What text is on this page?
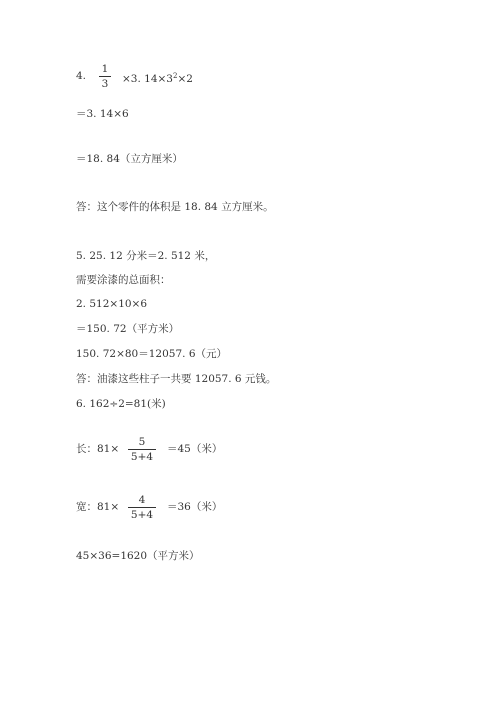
4.
1
3 ×3. $14\times 3^2\times 2$
＝3. 14×6
＝18. 84（立方厘米）
答：这个零件的体积是 18. 84 立方厘米。
5. 25. 12 分米＝2. 512 米，
需要涂漆的总面积：
2. 512×10×6
＝150. 72（平方米）
150. 72×80＝12057. 6（元）
答：油漆这些柱子一共要 12057. 6 元钱。
6. 162÷2=81(米)
长：81×
5
5+4
＝45（米）
宽：81×
4
5+4
＝36（米）
45×36=1620（平方米）
